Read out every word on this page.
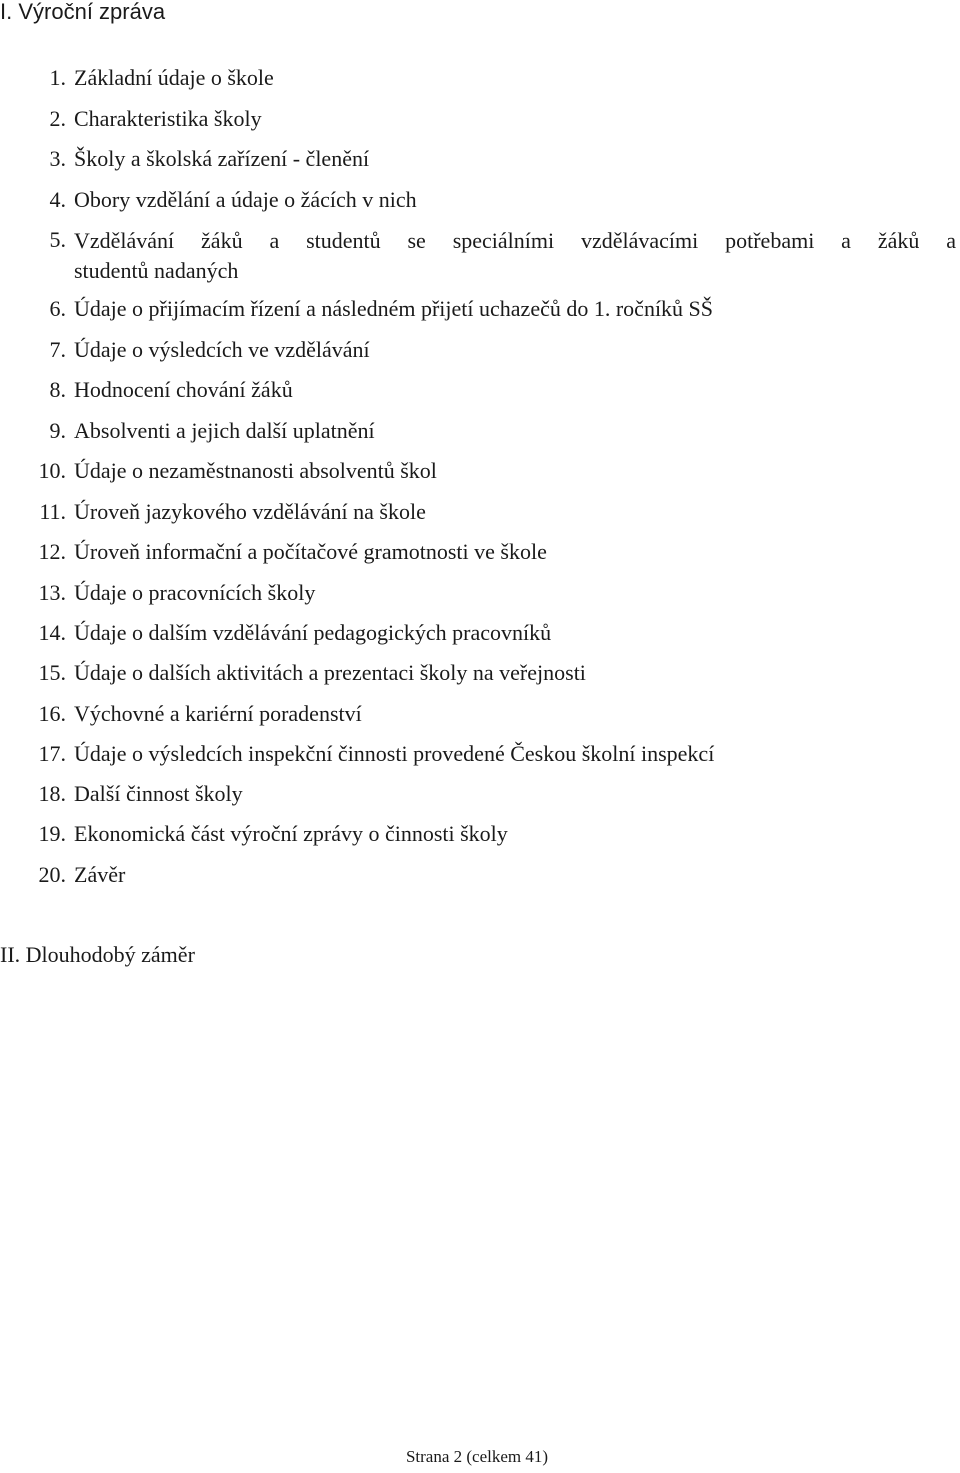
I. Výroční zpráva
1. Základní údaje o škole
2. Charakteristika školy
3. Školy a školská zařízení - členění
4. Obory vzdělání a údaje o žácích v nich
5. Vzdělávání žáků a studentů se speciálními vzdělávacími potřebami a žáků a
studentů nadaných
6. Údaje o přijímacím řízení a následném přijetí uchazečů do 1. ročníků SŠ
7. Údaje o výsledcích ve vzdělávání
8. Hodnocení chování žáků
9. Absolventi a jejich další uplatnění
10. Údaje o nezaměstnanosti absolventů škol
11. Úroveň jazykového vzdělávání na škole
12. Úroveň informační a počítačové gramotnosti ve škole
13. Údaje o pracovnících školy
14. Údaje o dalším vzdělávání pedagogických pracovníků
15. Údaje o dalších aktivitách a prezentaci školy na veřejnosti
16. Výchovné a kariérní poradenství
17. Údaje o výsledcích inspekční činnosti provedené Českou školní inspekcí
18. Další činnost školy
19. Ekonomická část výroční zprávy o činnosti školy
20. Závěr
II. Dlouhodobý záměr
Strana 2 (celkem 41)
